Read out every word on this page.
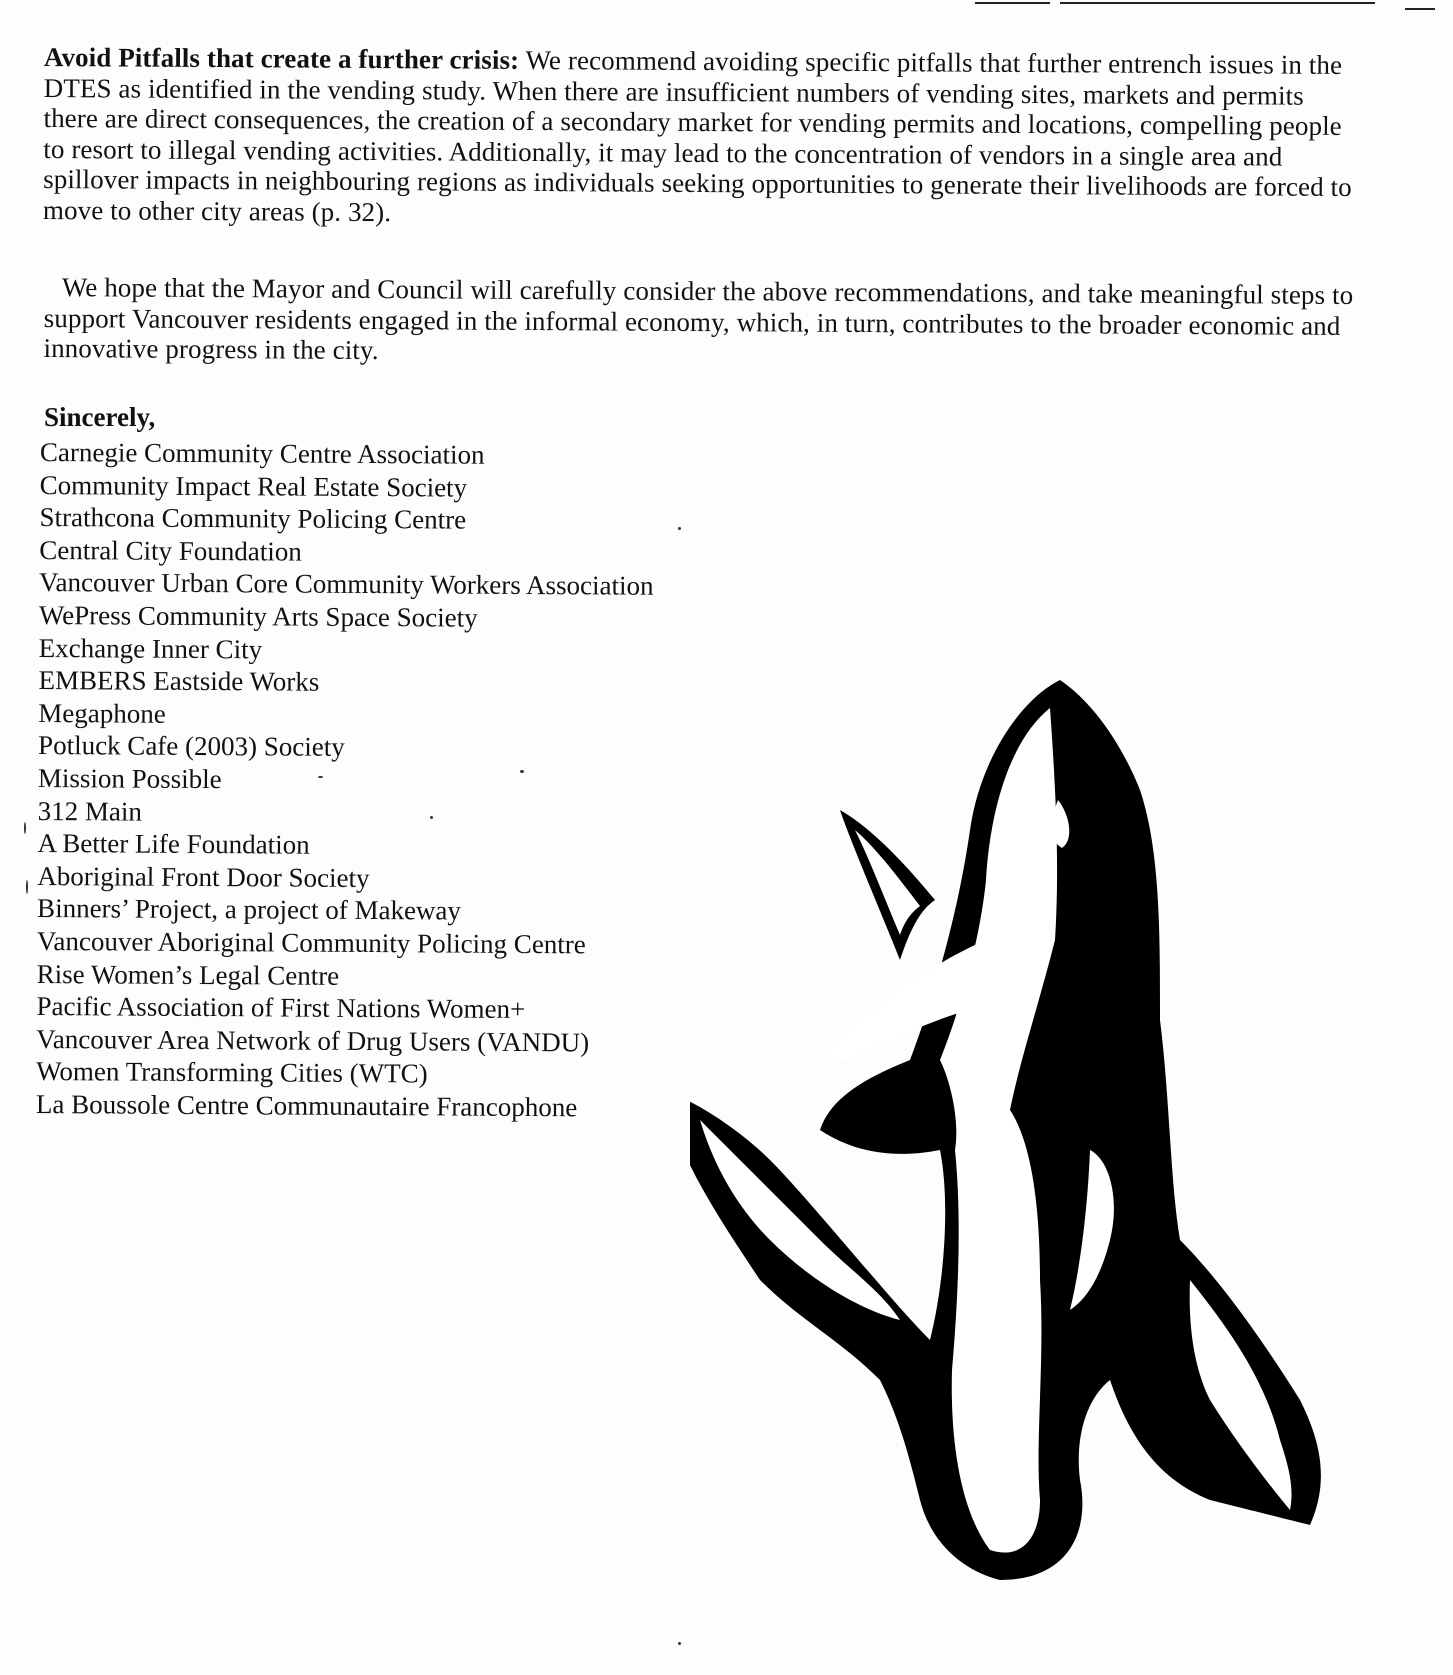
Avoid Pitfalls that create a further crisis: We recommend avoiding specific pitfalls that further entrench issues in the DTES as identified in the vending study. When there are insufficient numbers of vending sites, markets and permits there are direct consequences, the creation of a secondary market for vending permits and locations, compelling people to resort to illegal vending activities. Additionally, it may lead to the concentration of vendors in a single area and spillover impacts in neighbouring regions as individuals seeking opportunities to generate their livelihoods are forced to move to other city areas (p. 32).

We hope that the Mayor and Council will carefully consider the above recommendations, and take meaningful steps to support Vancouver residents engaged in the informal economy, which, in turn, contributes to the broader economic and innovative progress in the city.

Sincerely,

Carnegie Community Centre Association
Community Impact Real Estate Society
Strathcona Community Policing Centre
Central City Foundation
Vancouver Urban Core Community Workers Association
WePress Community Arts Space Society
Exchange Inner City
EMBERS Eastside Works
Megaphone
Potluck Cafe (2003) Society
Mission Possible
312 Main
A Better Life Foundation
Aboriginal Front Door Society
Binners’ Project, a project of Makeway
Vancouver Aboriginal Community Policing Centre
Rise Women’s Legal Centre
Pacific Association of First Nations Women+
Vancouver Area Network of Drug Users (VANDU)
Women Transforming Cities (WTC)
La Boussole Centre Communautaire Francophone
